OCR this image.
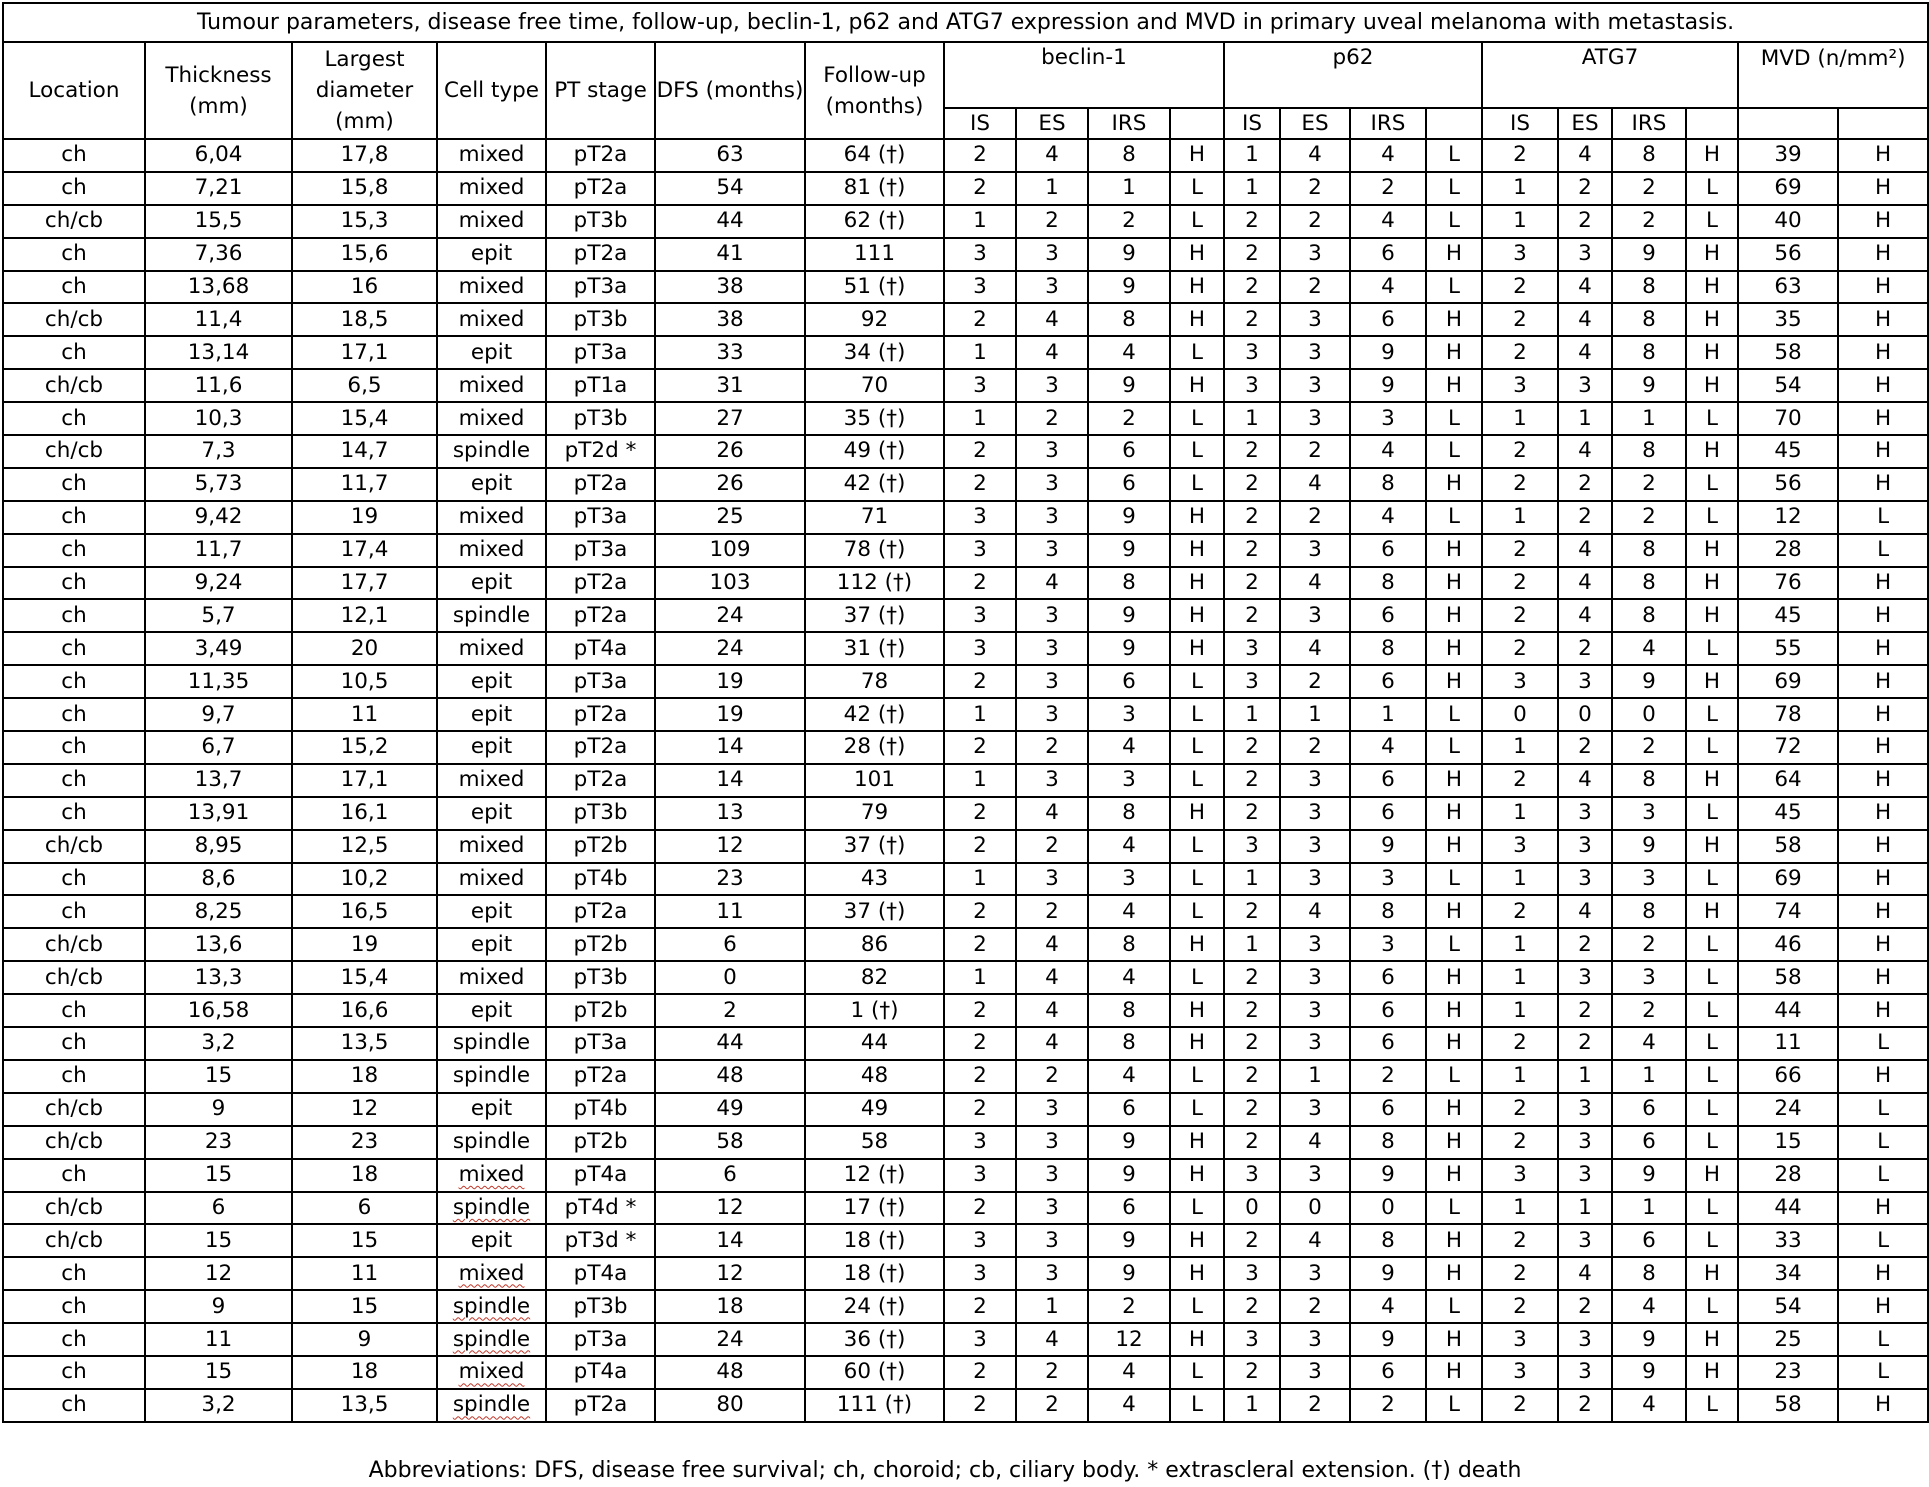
Tumour parameters, disease free time, follow-up, beclin-1, p62 and ATG7 expression and MVD in primary uveal melanoma with metastasis.																				
Location	Thickness (mm)	Largest diameter (mm)	Cell type	PT stage	DFS (months)	Follow-up (months)	beclin-1				p62				ATG7				MVD (n/mm²)	
							IS	ES	IRS		IS	ES	IRS		IS	ES	IRS			
ch	6,04	17,8	mixed	pT2a	63	64 (†)	2	4	8	H	1	4	4	L	2	4	8	H	39	H
ch	7,21	15,8	mixed	pT2a	54	81 (†)	2	1	1	L	1	2	2	L	1	2	2	L	69	H
ch/cb	15,5	15,3	mixed	pT3b	44	62 (†)	1	2	2	L	2	2	4	L	1	2	2	L	40	H
ch	7,36	15,6	epit	pT2a	41	111	3	3	9	H	2	3	6	H	3	3	9	H	56	H
ch	13,68	16	mixed	pT3a	38	51 (†)	3	3	9	H	2	2	4	L	2	4	8	H	63	H
ch/cb	11,4	18,5	mixed	pT3b	38	92	2	4	8	H	2	3	6	H	2	4	8	H	35	H
ch	13,14	17,1	epit	pT3a	33	34 (†)	1	4	4	L	3	3	9	H	2	4	8	H	58	H
ch/cb	11,6	6,5	mixed	pT1a	31	70	3	3	9	H	3	3	9	H	3	3	9	H	54	H
ch	10,3	15,4	mixed	pT3b	27	35 (†)	1	2	2	L	1	3	3	L	1	1	1	L	70	H
ch/cb	7,3	14,7	spindle	pT2d *	26	49 (†)	2	3	6	L	2	2	4	L	2	4	8	H	45	H
ch	5,73	11,7	epit	pT2a	26	42 (†)	2	3	6	L	2	4	8	H	2	2	2	L	56	H
ch	9,42	19	mixed	pT3a	25	71	3	3	9	H	2	2	4	L	1	2	2	L	12	L
ch	11,7	17,4	mixed	pT3a	109	78 (†)	3	3	9	H	2	3	6	H	2	4	8	H	28	L
ch	9,24	17,7	epit	pT2a	103	112 (†)	2	4	8	H	2	4	8	H	2	4	8	H	76	H
ch	5,7	12,1	spindle	pT2a	24	37 (†)	3	3	9	H	2	3	6	H	2	4	8	H	45	H
ch	3,49	20	mixed	pT4a	24	31 (†)	3	3	9	H	3	4	8	H	2	2	4	L	55	H
ch	11,35	10,5	epit	pT3a	19	78	2	3	6	L	3	2	6	H	3	3	9	H	69	H
ch	9,7	11	epit	pT2a	19	42 (†)	1	3	3	L	1	1	1	L	0	0	0	L	78	H
ch	6,7	15,2	epit	pT2a	14	28 (†)	2	2	4	L	2	2	4	L	1	2	2	L	72	H
ch	13,7	17,1	mixed	pT2a	14	101	1	3	3	L	2	3	6	H	2	4	8	H	64	H
ch	13,91	16,1	epit	pT3b	13	79	2	4	8	H	2	3	6	H	1	3	3	L	45	H
ch/cb	8,95	12,5	mixed	pT2b	12	37 (†)	2	2	4	L	3	3	9	H	3	3	9	H	58	H
ch	8,6	10,2	mixed	pT4b	23	43	1	3	3	L	1	3	3	L	1	3	3	L	69	H
ch	8,25	16,5	epit	pT2a	11	37 (†)	2	2	4	L	2	4	8	H	2	4	8	H	74	H
ch/cb	13,6	19	epit	pT2b	6	86	2	4	8	H	1	3	3	L	1	2	2	L	46	H
ch/cb	13,3	15,4	mixed	pT3b	0	82	1	4	4	L	2	3	6	H	1	3	3	L	58	H
ch	16,58	16,6	epit	pT2b	2	1 (†)	2	4	8	H	2	3	6	H	1	2	2	L	44	H
ch	3,2	13,5	spindle	pT3a	44	44	2	4	8	H	2	3	6	H	2	2	4	L	11	L
ch	15	18	spindle	pT2a	48	48	2	2	4	L	2	1	2	L	1	1	1	L	66	H
ch/cb	9	12	epit	pT4b	49	49	2	3	6	L	2	3	6	H	2	3	6	L	24	L
ch/cb	23	23	spindle	pT2b	58	58	3	3	9	H	2	4	8	H	2	3	6	L	15	L
ch	15	18	mixed	pT4a	6	12 (†)	3	3	9	H	3	3	9	H	3	3	9	H	28	L
ch/cb	6	6	spindle	pT4d *	12	17 (†)	2	3	6	L	0	0	0	L	1	1	1	L	44	H
ch/cb	15	15	epit	pT3d *	14	18 (†)	3	3	9	H	2	4	8	H	2	3	6	L	33	L
ch	12	11	mixed	pT4a	12	18 (†)	3	3	9	H	3	3	9	H	2	4	8	H	34	H
ch	9	15	spindle	pT3b	18	24 (†)	2	1	2	L	2	2	4	L	2	2	4	L	54	H
ch	11	9	spindle	pT3a	24	36 (†)	3	4	12	H	3	3	9	H	3	3	9	H	25	L
ch	15	18	mixed	pT4a	48	60 (†)	2	2	4	L	2	3	6	H	3	3	9	H	23	L
ch	3,2	13,5	spindle	pT2a	80	111 (†)	2	2	4	L	1	2	2	L	2	2	4	L	58	H
Abbreviations: DFS, disease free survival; ch, choroid; cb, ciliary body. * extrascleral extension. (†) death
